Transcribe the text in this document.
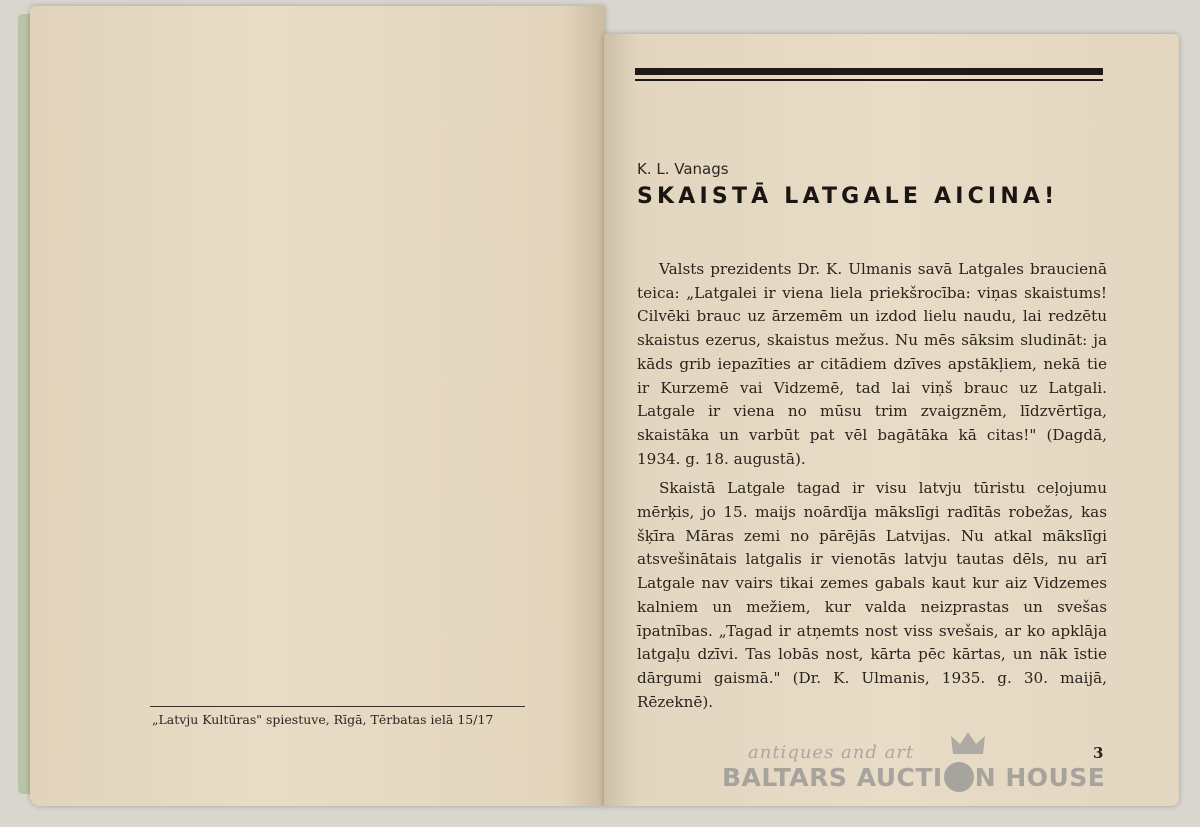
„Latvju Kultūras" spiestuve, Rīgā, Tērbatas ielā 15/17
K. L. Vanags
SKAISTĀ LATGALE AICINA!

Valsts prezidents Dr. K. Ulmanis savā Latgales braucienā teica: „Latgalei ir viena liela priekšrocība: viņas skaistums! Cilvēki brauc uz ārzemēm un izdod lielu naudu, lai redzētu skaistus ezerus, skaistus mežus. Nu mēs sāksim sludināt: ja kāds grib iepazīties ar citādiem dzīves apstākļiem, nekā tie ir Kurzemē vai Vidzemē, tad lai viņš brauc uz Latgali. Latgale ir viena no mūsu trim zvaigznēm, līdzvērtīga, skaistāka un varbūt pat vēl bagātāka kā citas!" (Dagdā, 1934. g. 18. augustā).

Skaistā Latgale tagad ir visu latvju tūristu ceļojumu mērķis, jo 15. maijs noārdīja mākslīgi radītās robežas, kas šķīra Māras zemi no pārējās Latvijas. Nu atkal mākslīgi atsvešinātais latgalis ir vienotās latvju tautas dēls, nu arī Latgale nav vairs tikai zemes gabals kaut kur aiz Vidzemes kalniem un mežiem, kur valda neizprastas un svešas īpatnības. „Tagad ir atņemts nost viss svešais, ar ko apklāja latgaļu dzīvi. Tas lobās nost, kārta pēc kārtas, un nāk īstie dārgumi gaismā." (Dr. K. Ulmanis, 1935. g. 30. maijā, Rēzeknē).

3
antiques and art
BALTARS AUCTI N HOUSE
